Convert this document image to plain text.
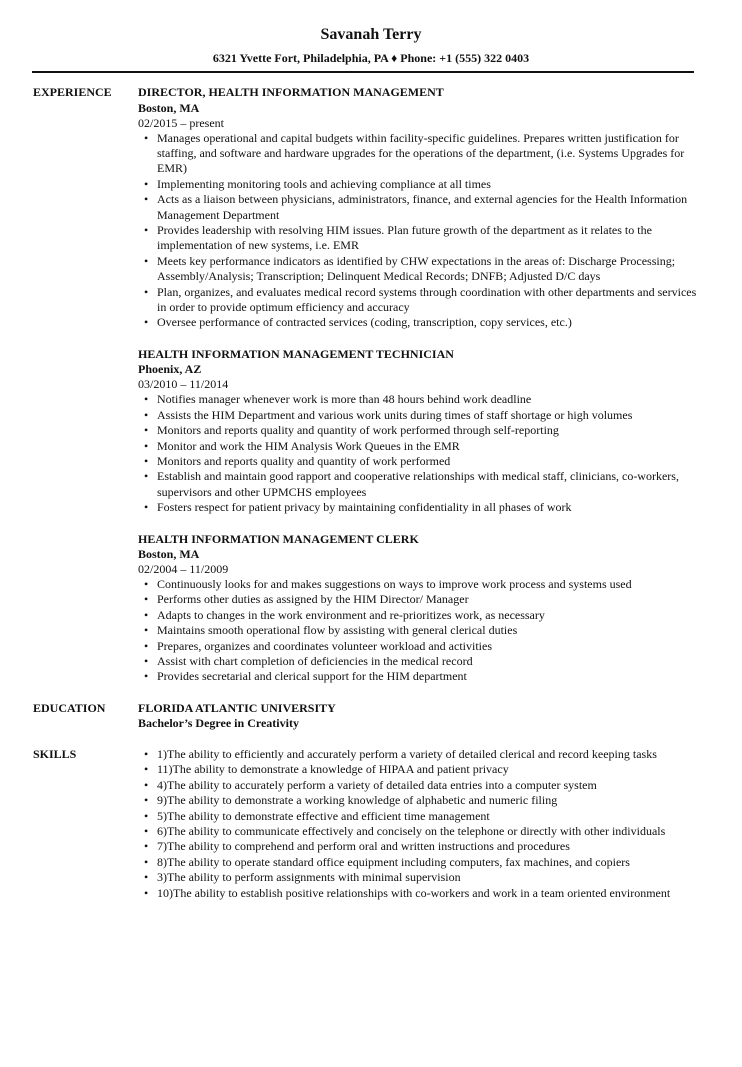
Savanah Terry
6321 Yvette Fort, Philadelphia, PA ♦ Phone: +1 (555) 322 0403
EXPERIENCE DIRECTOR, HEALTH INFORMATION MANAGEMENT
Boston, MA
02/2015 – present
• Manages operational and capital budgets within facility-specific guidelines. Prepares written justification for staffing, and software and hardware upgrades for the operations of the department, (i.e. Systems Upgrades for EMR)
• Implementing monitoring tools and achieving compliance at all times
• Acts as a liaison between physicians, administrators, finance, and external agencies for the Health Information Management Department
• Provides leadership with resolving HIM issues. Plan future growth of the department as it relates to the implementation of new systems, i.e. EMR
• Meets key performance indicators as identified by CHW expectations in the areas of: Discharge Processing; Assembly/Analysis; Transcription; Delinquent Medical Records; DNFB; Adjusted D/C days
• Plan, organizes, and evaluates medical record systems through coordination with other departments and services in order to provide optimum efficiency and accuracy
• Oversee performance of contracted services (coding, transcription, copy services, etc.)
HEALTH INFORMATION MANAGEMENT TECHNICIAN
Phoenix, AZ
03/2010 – 11/2014
• Notifies manager whenever work is more than 48 hours behind work deadline
• Assists the HIM Department and various work units during times of staff shortage or high volumes
• Monitors and reports quality and quantity of work performed through self-reporting
• Monitor and work the HIM Analysis Work Queues in the EMR
• Monitors and reports quality and quantity of work performed
• Establish and maintain good rapport and cooperative relationships with medical staff, clinicians, co-workers, supervisors and other UPMCHS employees
• Fosters respect for patient privacy by maintaining confidentiality in all phases of work
HEALTH INFORMATION MANAGEMENT CLERK
Boston, MA
02/2004 – 11/2009
• Continuously looks for and makes suggestions on ways to improve work process and systems used
• Performs other duties as assigned by the HIM Director/ Manager
• Adapts to changes in the work environment and re-prioritizes work, as necessary
• Maintains smooth operational flow by assisting with general clerical duties
• Prepares, organizes and coordinates volunteer workload and activities
• Assist with chart completion of deficiencies in the medical record
• Provides secretarial and clerical support for the HIM department
EDUCATION	FLORIDA ATLANTIC UNIVERSITY
Bachelor’s Degree in Creativity
SKILLS
•	1)The ability to efficiently and accurately perform a variety of detailed clerical and record keeping tasks
• 11)The ability to demonstrate a knowledge of HIPAA and patient privacy
• 4)The ability to accurately perform a variety of detailed data entries into a computer system
• 9)The ability to demonstrate a working knowledge of alphabetic and numeric filing
• 5)The ability to demonstrate effective and efficient time management
• 6)The ability to communicate effectively and concisely on the telephone or directly with other individuals
• 7)The ability to comprehend and perform oral and written instructions and procedures
• 8)The ability to operate standard office equipment including computers, fax machines, and copiers
• 3)The ability to perform assignments with minimal supervision
• 10)The ability to establish positive relationships with co-workers and work in a team oriented environment
